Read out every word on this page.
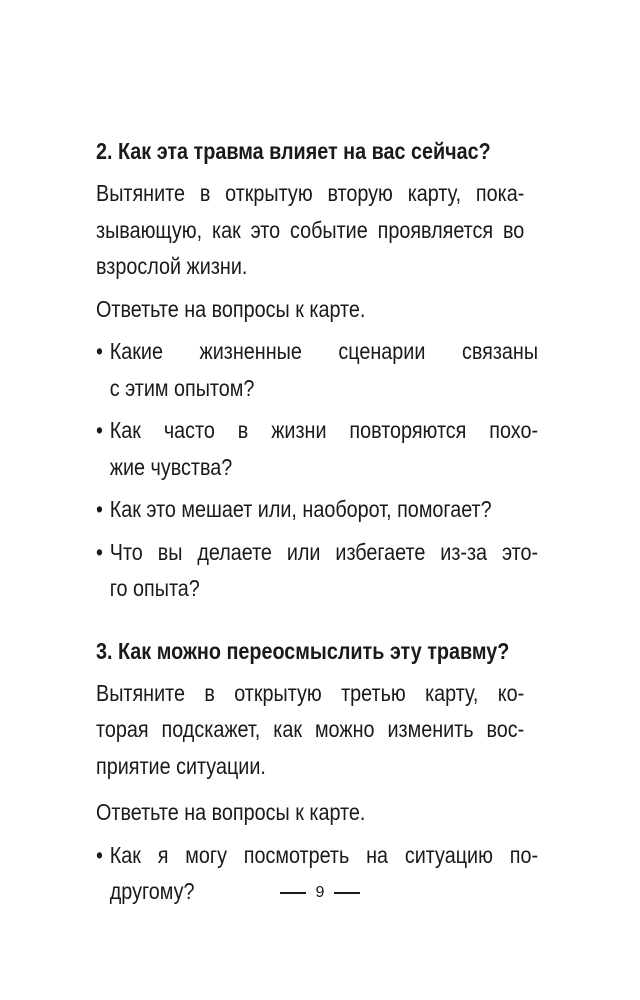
2. Как эта травма влияет на вас сейчас?

Вытяните в открытую вторую карту, пока-
зывающую, как это событие проявляется во
взрослой жизни.

Ответьте на вопросы к карте.

• Какие жизненные сценарии связаны
с этим опытом?
• Как часто в жизни повторяются похо-
жие чувства?
• Как это мешает или, наоборот, помогает?
• Что вы делаете или избегаете из-за это-
го опыта?

3. Как можно переосмыслить эту травму?

Вытяните в открытую третью карту, ко-
торая подскажет, как можно изменить вос-
приятие ситуации.

Ответьте на вопросы к карте.

• Как я могу посмотреть на ситуацию по-
другому?	9
